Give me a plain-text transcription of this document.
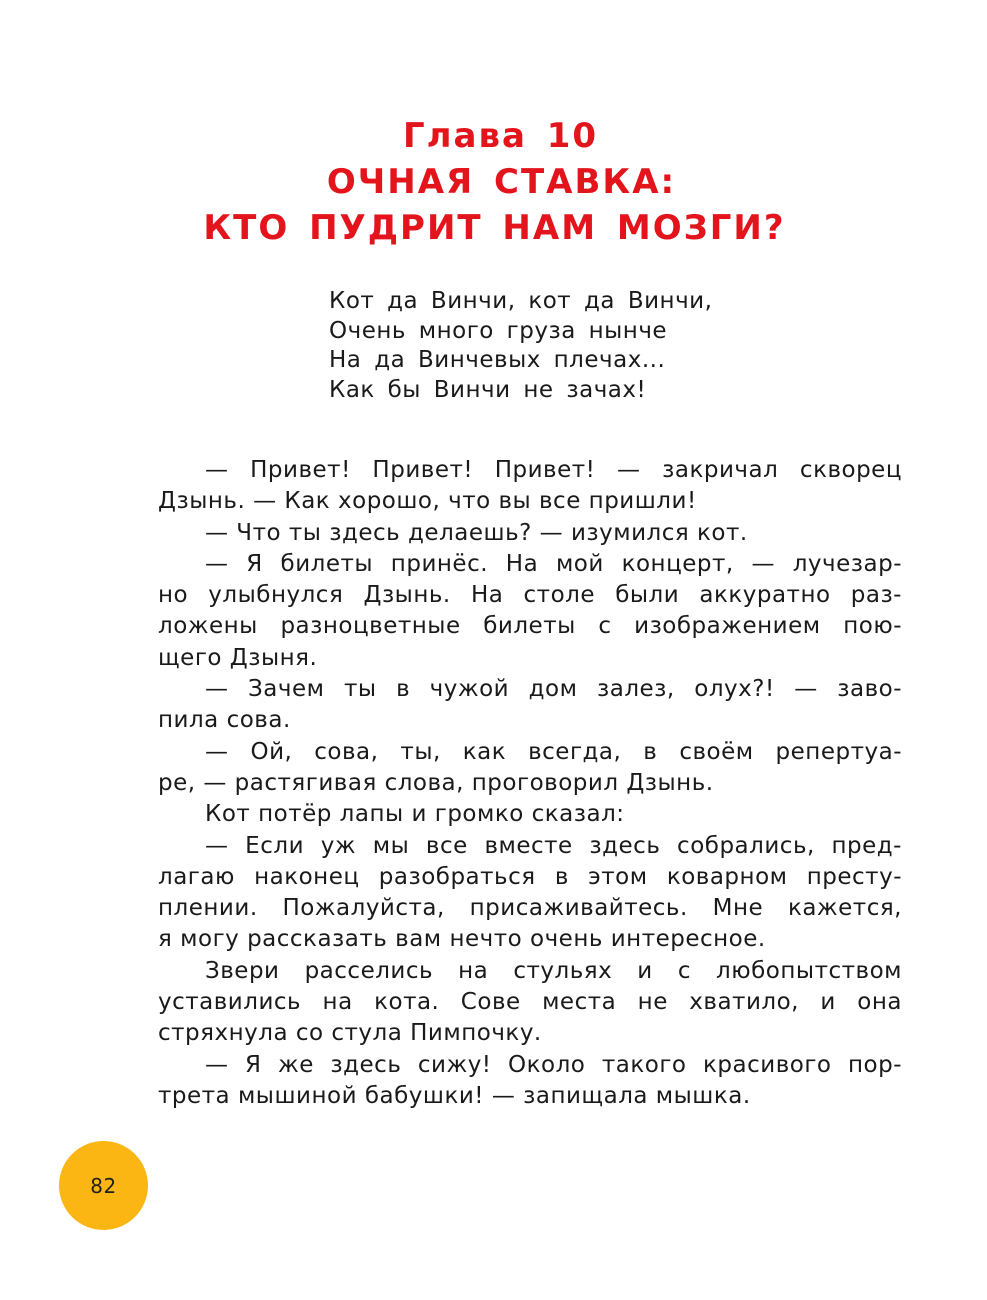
Глава 10
ОЧНАЯ СТАВКА:
КТО ПУДРИТ НАМ МОЗГИ?
Кот да Винчи, кот да Винчи,
Очень много груза нынче
На да Винчевых плечах...
Как бы Винчи не зачах!
— Привет! Привет! Привет! — закричал скворец
Дзынь. — Как хорошо, что вы все пришли!
— Что ты здесь делаешь? — изумился кот.
— Я билеты принёс. На мой концерт, — лучезар-
но улыбнулся Дзынь. На столе были аккуратно раз-
ложены разноцветные билеты с изображением пою-
щего Дзыня.
— Зачем ты в чужой дом залез, олух?! — заво-
пила сова.
— Ой, сова, ты, как всегда, в своём репертуа-
ре, — растягивая слова, проговорил Дзынь.
Кот потёр лапы и громко сказал:
— Если уж мы все вместе здесь собрались, пред-
лагаю наконец разобраться в этом коварном престу-
плении. Пожалуйста, присаживайтесь. Мне кажется,
я могу рассказать вам нечто очень интересное.
Звери расселись на стульях и с любопытством
уставились на кота. Сове места не хватило, и она
стряхнула со стула Пимпочку.
— Я же здесь сижу! Около такого красивого пор-
трета мышиной бабушки! — запищала мышка.
82
